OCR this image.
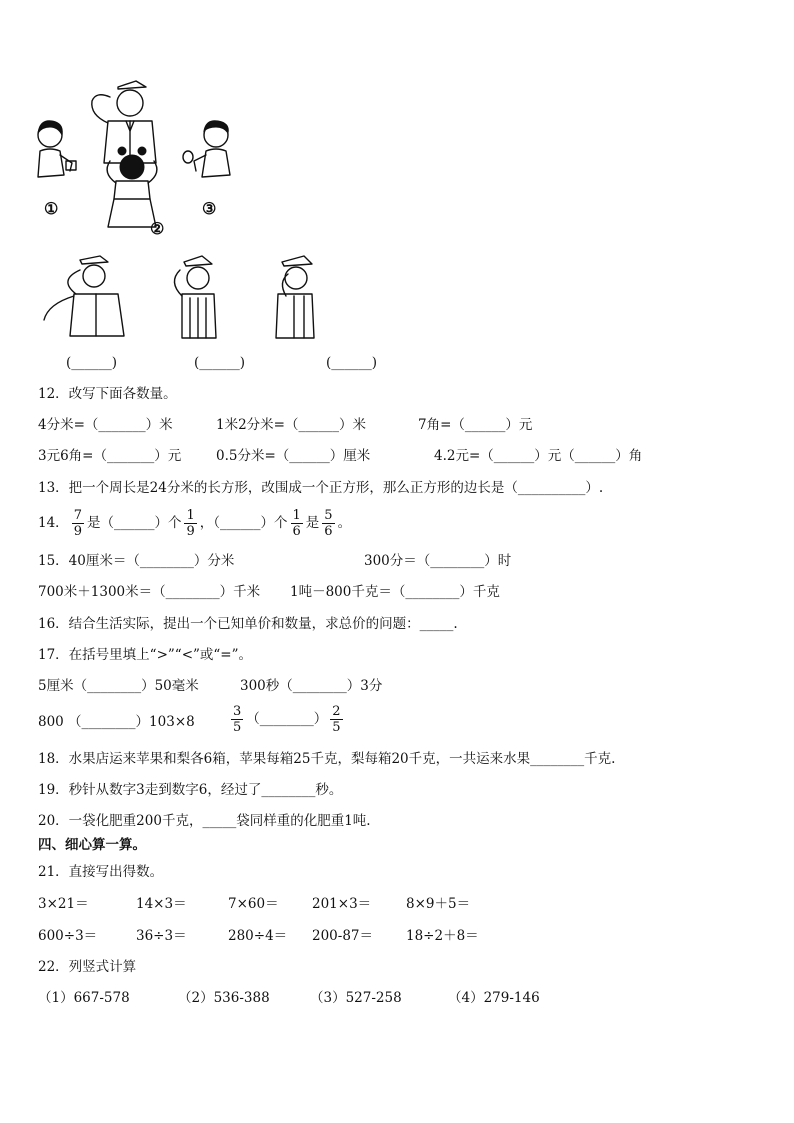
①
②
③
(______)	(______)	(______)
12．改写下面各数量。
4分米=（_______）米	1米2分米=（______）米	7角=（______）元
3元6角=（_______）元	0.5分米=（______）厘米	4.2元=（______）元（______）角
13．把一个周长是24分米的长方形，改围成一个正方形，那么正方形的边长是（__________）.
14． $\frac{7}{9}$ 是（______）个 $\frac{1}{9}$ ，（______）个 $\frac{1}{6}$ 是 $\frac{5}{6}$ 。
15．40厘米＝（________）分米	300分＝（________）时
700米＋1300米＝（________）千米 1吨－800千克＝（________）千克
16．结合生活实际，提出一个已知单价和数量，求总价的问题：_____.
17．在括号里填上“>”“<”或“=”。
5厘米（________）50毫米	300秒（________）3分
800 （________）103×8	$\frac{3}{5}$ （________） $\frac{2}{5}$
18．水果店运来苹果和梨各6箱，苹果每箱25千克，梨每箱20千克，一共运来水果________千克.
19．秒针从数字3走到数字6，经过了________秒。
20．一袋化肥重200千克，_____袋同样重的化肥重1吨.
四、细心算一算。
21．直接写出得数。
3×21＝	14×3＝	7×60＝ 201×3＝	8×9＋5＝
600÷3＝	36÷3＝	280÷4＝ 200-87＝ 18÷2＋8＝
22．列竖式计算
（1）667-578	（2）536-388	（3）527-258	（4）279-146
